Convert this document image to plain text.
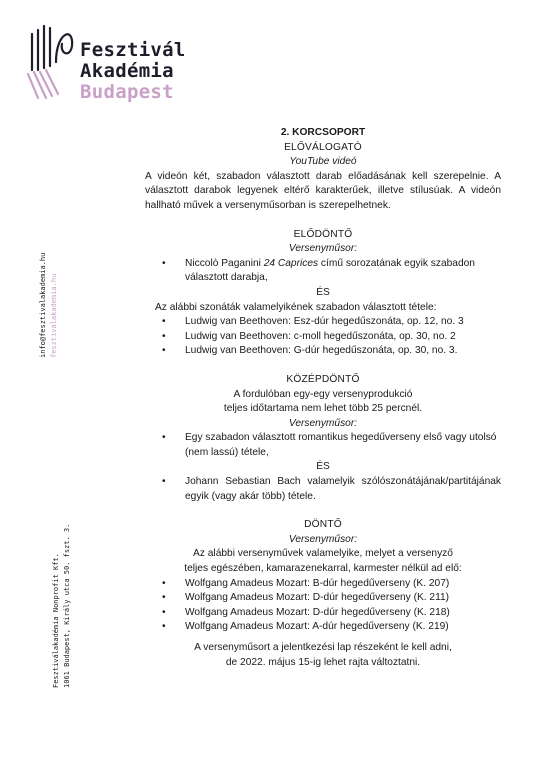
Fesztivál
Akadémia
Budapest
info@fesztivalakademia.hu fesztivalakademia.hu
Fesztiválakadémia Nonprofit Kft. 1061 Budapest, Király utca 50. fszt. 3.
2. KORCSOPORT
ELŐVÁLOGATÓ
YouTube videó
A videón két, szabadon választott darab előadásának kell szerepelnie. A választott darabok legyenek eltérő karakterűek, illetve stílusúak. A videón hallható művek a versenyműsorban is szerepelhetnek.
ELŐDÖNTŐ
Versenyműsor:
• Niccolò Paganini 24 Caprices című sorozatának egyik szabadon választott darabja,
ÉS
Az alábbi szonáták valamelyikének szabadon választott tétele:
• Ludwig van Beethoven: Esz-dúr hegedűszonáta, op. 12, no. 3
• Ludwig van Beethoven: c-moll hegedűszonáta, op. 30, no. 2
• Ludwig van Beethoven: G-dúr hegedűszonáta, op. 30, no. 3.
KÖZÉPDÖNTŐ
A fordulóban egy-egy versenyprodukció
teljes időtartama nem lehet több 25 percnél.
Versenyműsor:
• Egy szabadon választott romantikus hegedűverseny első vagy utolsó (nem lassú) tétele,
ÉS
• Johann Sebastian Bach valamelyik szólószonátájának/partitájának egyik (vagy akár több) tétele.
DÖNTŐ
Versenyműsor:
Az alábbi versenyművek valamelyike, melyet a versenyző
teljes egészében, kamarazenekarral, karmester nélkül ad elő:
• Wolfgang Amadeus Mozart: B-dúr hegedűverseny (K. 207)
• Wolfgang Amadeus Mozart: D-dúr hegedűverseny (K. 211)
• Wolfgang Amadeus Mozart: D-dúr hegedűverseny (K. 218)
• Wolfgang Amadeus Mozart: A-dúr hegedűverseny (K. 219)
A versenyműsort a jelentkezési lap részeként le kell adni,
de 2022. május 15-ig lehet rajta változtatni.
